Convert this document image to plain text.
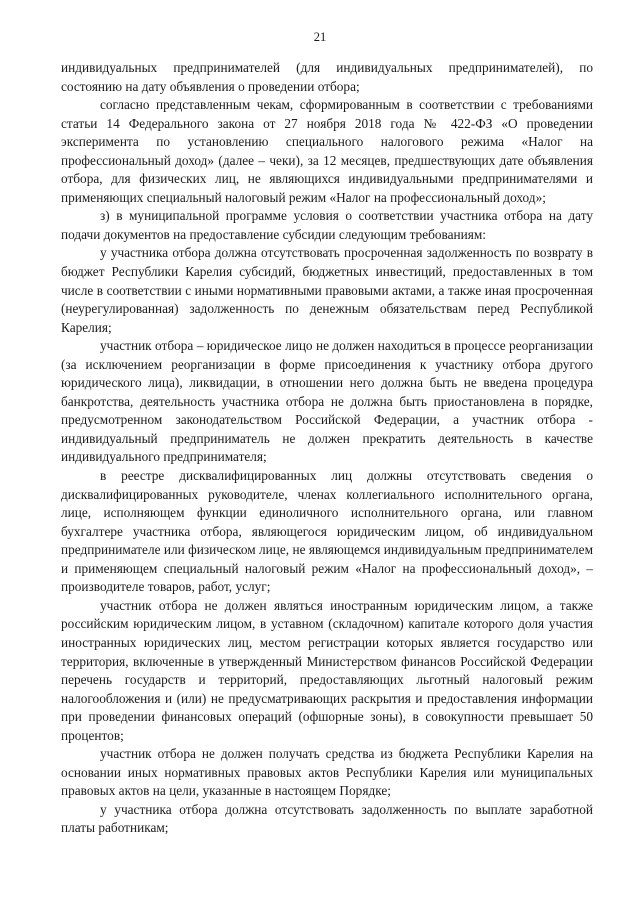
21

индивидуальных предпринимателей (для индивидуальных предпринимателей), по состоянию на дату объявления о проведении отбора;

согласно представленным чекам, сформированным в соответствии с требованиями статьи 14 Федерального закона от 27 ноября 2018 года № 422-ФЗ «О проведении эксперимента по установлению специального налогового режима «Налог на профессиональный доход» (далее – чеки), за 12 месяцев, предшествующих дате объявления отбора, для физических лиц, не являющихся индивидуальными предпринимателями и применяющих специальный налоговый режим «Налог на профессиональный доход»;

з) в муниципальной программе условия о соответствии участника отбора на дату подачи документов на предоставление субсидии следующим требованиям:

у участника отбора должна отсутствовать просроченная задолженность по возврату в бюджет Республики Карелия субсидий, бюджетных инвестиций, предоставленных в том числе в соответствии с иными нормативными правовыми актами, а также иная просроченная (неурегулированная) задолженность по денежным обязательствам перед Республикой Карелия;

участник отбора – юридическое лицо не должен находиться в процессе реорганизации (за исключением реорганизации в форме присоединения к участнику отбора другого юридического лица), ликвидации, в отношении него должна быть не введена процедура банкротства, деятельность участника отбора не должна быть приостановлена в порядке, предусмотренном законодательством Российской Федерации, а участник отбора - индивидуальный предприниматель не должен прекратить деятельность в качестве индивидуального предпринимателя;

в реестре дисквалифицированных лиц должны отсутствовать сведения о дисквалифицированных руководителе, членах коллегиального исполнительного органа, лице, исполняющем функции единоличного исполнительного органа, или главном бухгалтере участника отбора, являющегося юридическим лицом, об индивидуальном предпринимателе или физическом лице, не являющемся индивидуальным предпринимателем и применяющем специальный налоговый режим «Налог на профессиональный доход», – производителе товаров, работ, услуг;

участник отбора не должен являться иностранным юридическим лицом, а также российским юридическим лицом, в уставном (складочном) капитале которого доля участия иностранных юридических лиц, местом регистрации которых является государство или территория, включенные в утвержденный Министерством финансов Российской Федерации перечень государств и территорий, предоставляющих льготный налоговый режим налогообложения и (или) не предусматривающих раскрытия и предоставления информации при проведении финансовых операций (офшорные зоны), в совокупности превышает 50 процентов;

участник отбора не должен получать средства из бюджета Республики Карелия на основании иных нормативных правовых актов Республики Карелия или муниципальных правовых актов на цели, указанные в настоящем Порядке;

у участника отбора должна отсутствовать задолженность по выплате заработной платы работникам;
